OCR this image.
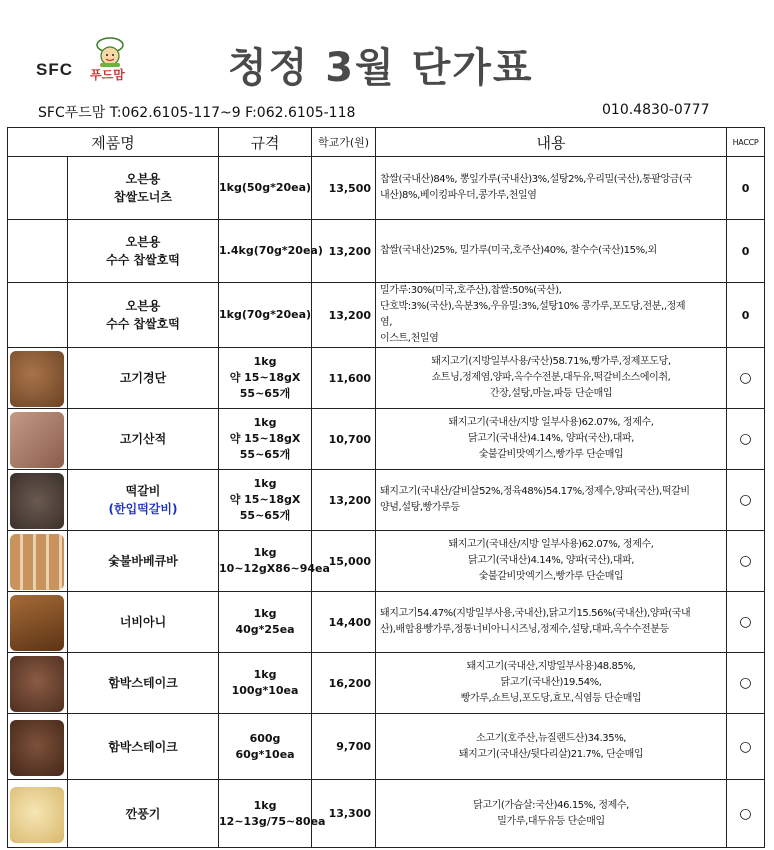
SFC 푸드맘	청정 3월 단가표
SFC푸드맘 T:062.6105-117~9 F:062.6105-118	010.4830-0777
제품명		규격	학교가(원)	내용	HACCP

	오븐용
찹쌀도너츠	1kg(50g*20ea)	13,500	찹쌀(국내산)84%, 뽕잎가루(국내산)3%,설탕2%,우리밀(국산),통팥앙금(국
내산)8%,베이킹파우더,콩가루,천일염	0

	오븐용
수수 찹쌀호떡	1.4kg(70g*20ea)	13,200	찹쌀(국내산)25%, 밀가루(미국,호주산)40%, 찰수수(국산)15%,외	0

	오븐용
수수 찹쌀호떡	1kg(70g*20ea)	13,200	밀가루:30%(미국,호주산),찹쌀:50%(국산),
단호박:3%(국산),옥분3%,우유밀:3%,설탕10% 콩가루,포도당,전분,,정제
염,
이스트,천일염	0

	고기경단	1kg
약 15~18gX
55~65개	11,600	돼지고기(지방일부사용/국산)58.71%,빵가루,정제포도당,
쇼트닝,정제염,양파,옥수수전분,대두유,떡갈비소스에이취,
간장,설탕,마늘,파등 단순매입	○

	고기산적	1kg
약 15~18gX
55~65개	10,700	돼지고기(국내산/지방 일부사용)62.07%, 정제수,
닭고기(국내산)4.14%, 양파(국산),대파,
숯불갈비맛엑기스,빵가루 단순매입	○

	떡갈비
(한입떡갈비)	1kg
약 15~18gX
55~65개	13,200	돼지고기(국내산/갈비살52%,정육48%)54.17%,정제수,양파(국산),떡갈비
양념,설탕,빵가루등	○

	숯불바베큐바	1kg
10~12gX86~94ea	15,000	돼지고기(국내산/지방 일부사용)62.07%, 정제수,
닭고기(국내산)4.14%, 양파(국산),대파,
숯불갈비맛엑기스,빵가루 단순매입	○

	너비아니	1kg
40g*25ea	14,400	돼지고기54.47%(지방일부사용,국내산),닭고기15.56%(국내산),양파(국내
산),배합용빵가루,정통너비아니시즈닝,정제수,설탕,대파,옥수수전분등	○

	함박스테이크	1kg
100g*10ea	16,200	돼지고기(국내산,지방일부사용)48.85%,
닭고기(국내산)19.54%,
빵가루,쇼트닝,포도당,효모,식염등 단순매입	○

	함박스테이크	600g
60g*10ea	9,700	소고기(호주산,뉴질랜드산)34.35%,
돼지고기(국내산/뒷다리살)21.7%, 단순매입	○

	깐풍기	1kg
12~13g/75~80ea	13,300	닭고기(가슴살:국산)46.15%, 정제수,
밀가루,대두유등 단순매입	○
